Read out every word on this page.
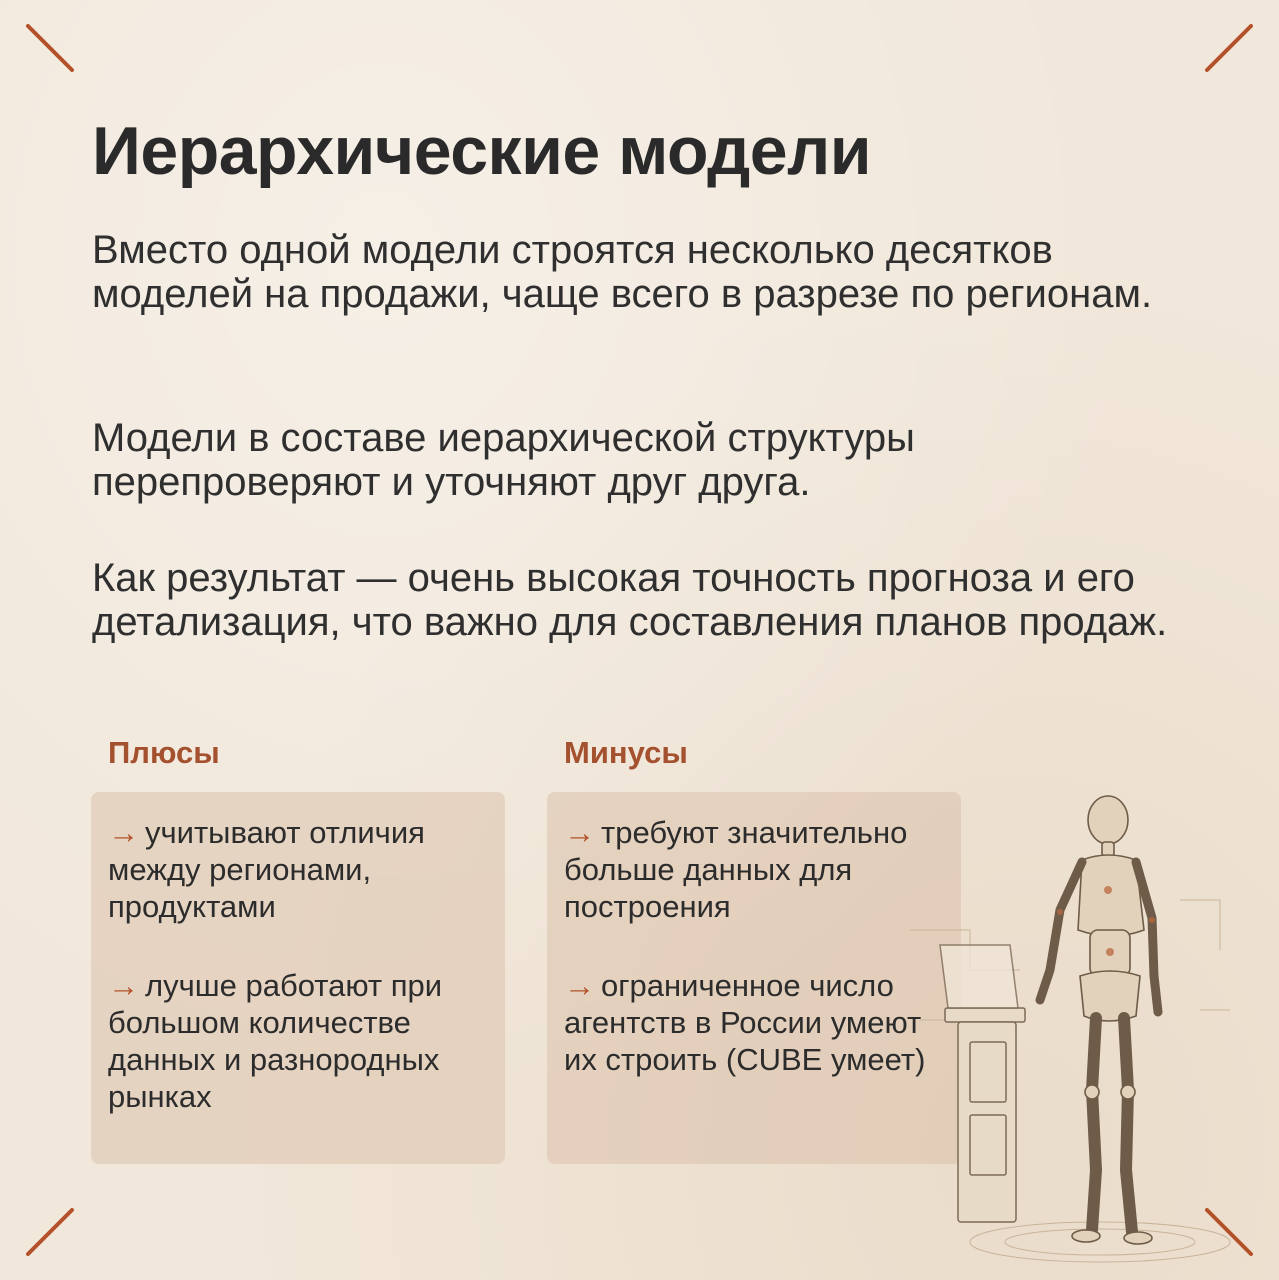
Иерархические модели

Вместо одной модели строятся несколько десятков моделей на продажи, чаще всего в разрезе по регионам.

Модели в составе иерархической структуры перепроверяют и уточняют друг друга.

Как результат — очень высокая точность прогноза и его детализация, что важно для составления планов продаж.

Плюсы	Минусы

→ учитывают отличия между регионами, продуктами

→ лучше работают при большом количестве данных и разнородных рынках

→ требуют значительно больше данных для построения

→ ограниченное число агентств в России умеют их строить (CUBE умеет)
